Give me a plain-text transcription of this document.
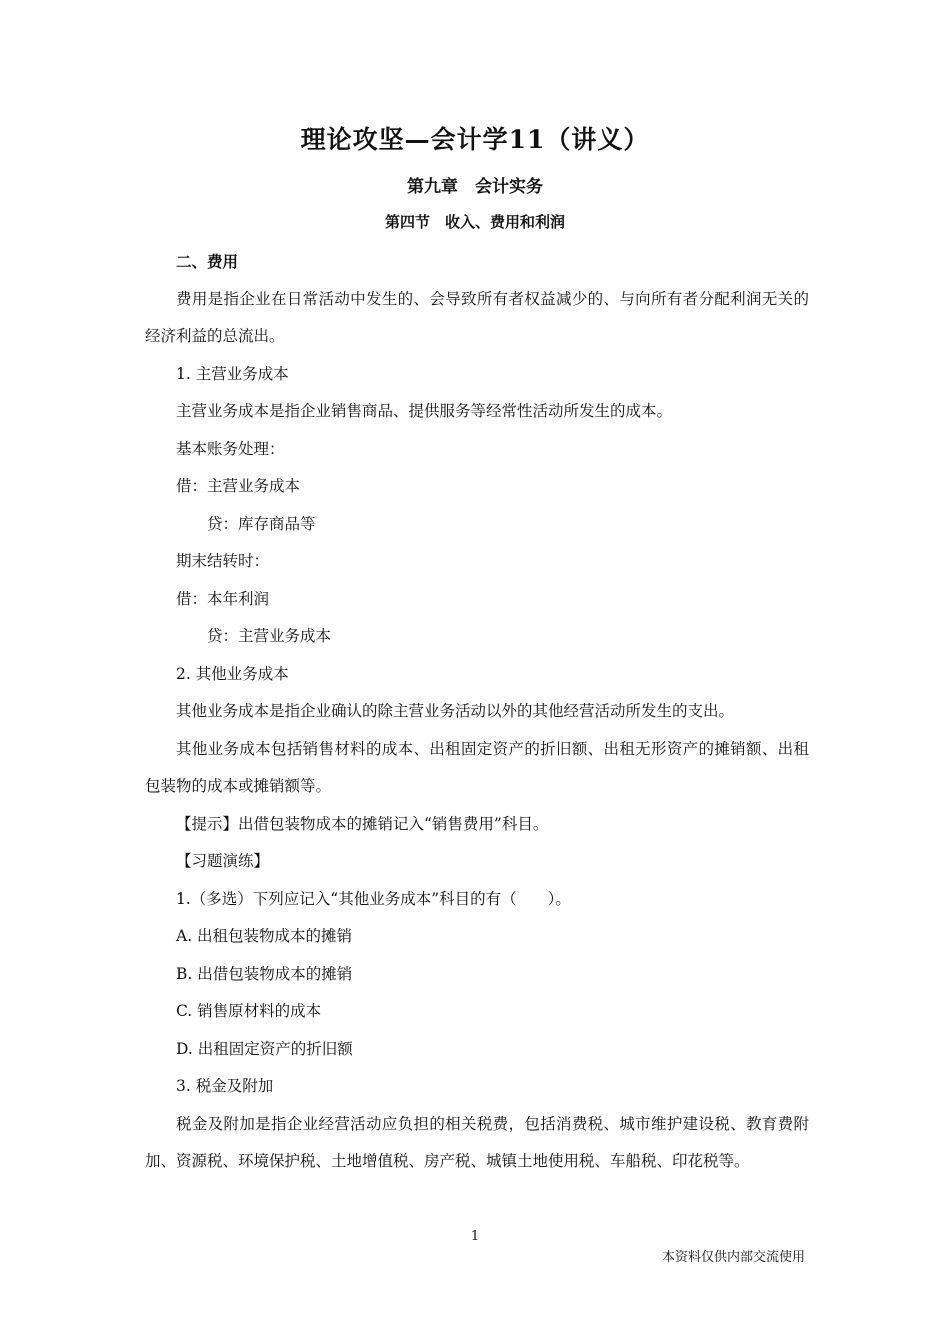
理论攻坚—会计学11（讲义）
第九章　会计实务
第四节　收入、费用和利润

二、费用

费用是指企业在日常活动中发生的、会导致所有者权益减少的、与向所有者分配利润无关的经济利益的总流出。

1. 主营业务成本

主营业务成本是指企业销售商品、提供服务等经常性活动所发生的成本。

基本账务处理：

借：主营业务成本

贷：库存商品等

期末结转时：

借：本年利润

贷：主营业务成本

2. 其他业务成本

其他业务成本是指企业确认的除主营业务活动以外的其他经营活动所发生的支出。

其他业务成本包括销售材料的成本、出租固定资产的折旧额、出租无形资产的摊销额、出租包装物的成本或摊销额等。

【提示】出借包装物成本的摊销记入“销售费用”科目。

【习题演练】

1.（多选）下列应记入“其他业务成本”科目的有（　　）。

A. 出租包装物成本的摊销

B. 出借包装物成本的摊销

C. 销售原材料的成本

D. 出租固定资产的折旧额

3. 税金及附加

税金及附加是指企业经营活动应负担的相关税费，包括消费税、城市维护建设税、教育费附加、资源税、环境保护税、土地增值税、房产税、城镇土地使用税、车船税、印花税等。

1
本资料仅供内部交流使用
